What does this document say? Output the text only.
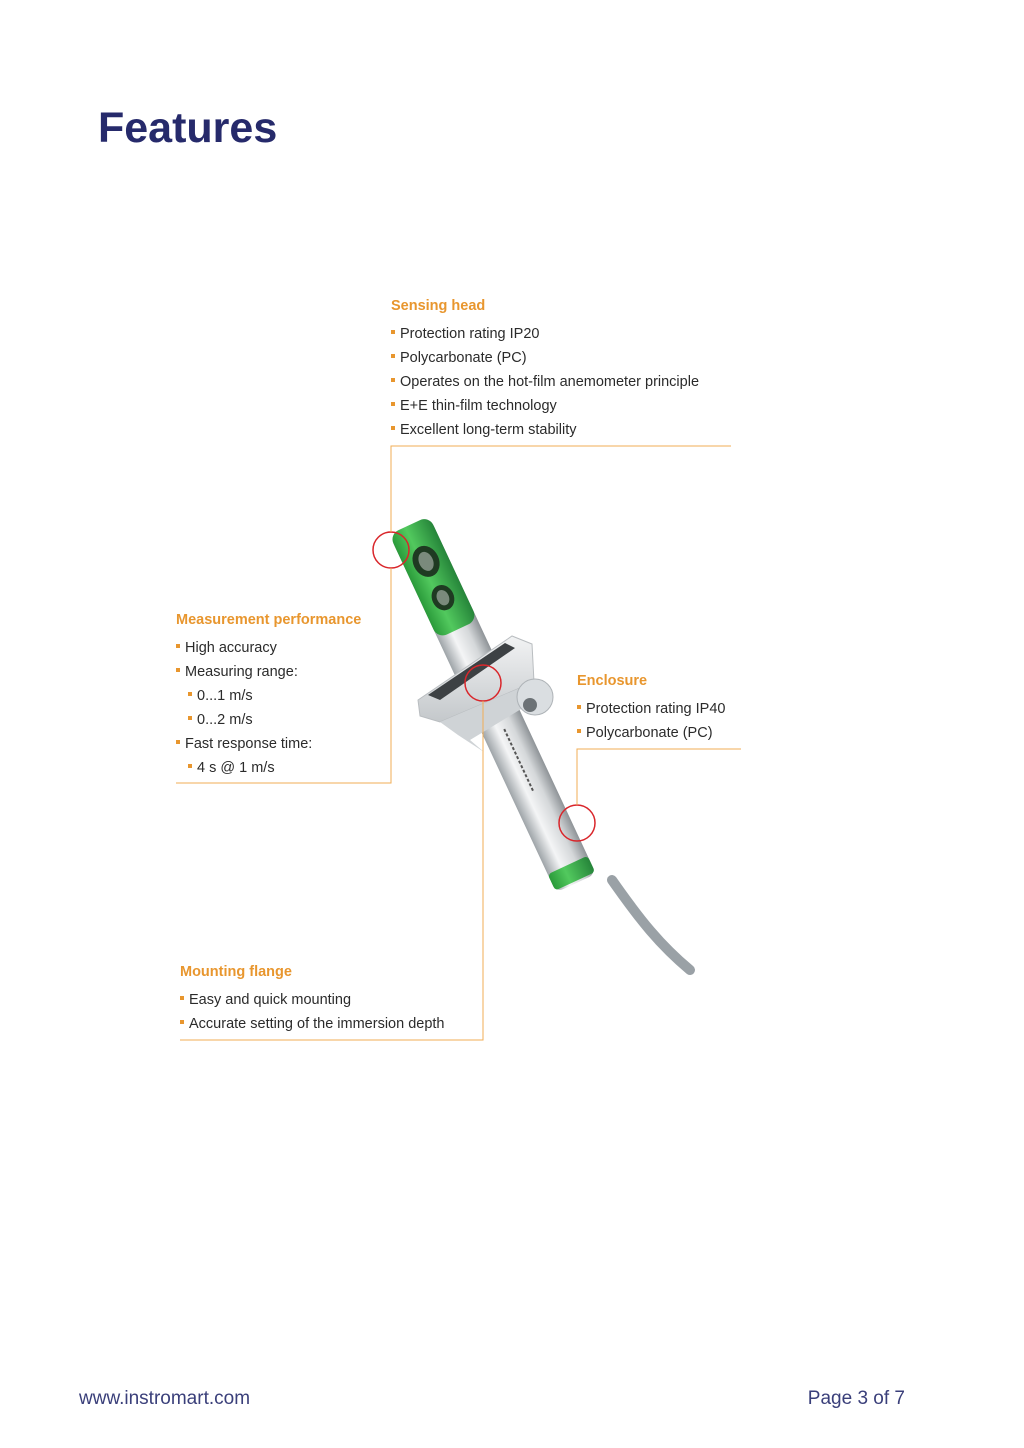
Features
Sensing head
Protection rating IP20
Polycarbonate (PC)
Operates on the hot-film anemometer principle
E+E thin-film technology
Excellent long-term stability
Measurement performance
High accuracy
Measuring range:
0...1 m/s
0...2 m/s
Fast response time:
4 s @ 1 m/s
Enclosure
Protection rating IP40
Polycarbonate (PC)
Mounting flange
Easy and quick mounting
Accurate setting of the immersion depth
www.instromart.com	Page 3 of 7
